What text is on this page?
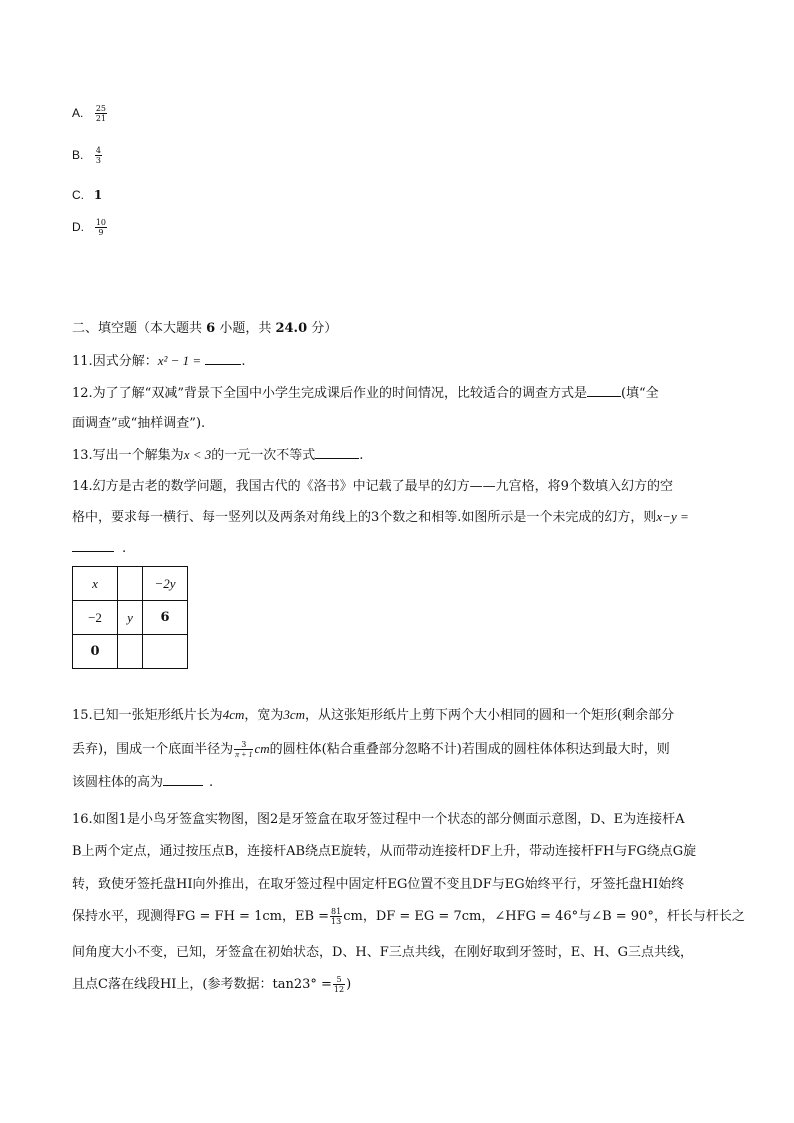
A. $\frac{25}{21}$
B. $\frac{4}{3}$
C. 1
D. $\frac{10}{9}$
二、填空题（本大题共 6 小题，共 24.0 分）
11.因式分解：x² − 1 =	.
12.为了了解“双减”背景下全国中小学生完成课后作业的时间情况，比较适合的调查方式是	(填“全
面调查”或“抽样调查”).
13.写出一个解集为x < 3的一元一次不等式	.
14.幻方是古老的数学问题，我国古代的《洛书》中记载了最早的幻方——九宫格，将9个数填入幻方的空
格中，要求每一横行、每一竖列以及两条对角线上的3个数之和相等.如图所示是一个未完成的幻方，则x−y =
.
x		−2y
−2	y	6
0		
15.已知一张矩形纸片长为4cm，宽为3cm，从这张矩形纸片上剪下两个大小相同的圆和一个矩形(剩余部分
丢弃)，围成一个底面半径为 $\frac{3}{\pi + 1}$ cm的圆柱体(粘合重叠部分忽略不计)若围成的圆柱体体积达到最大时，则
该圆柱体的高为	.
16.如图1是小鸟牙签盒实物图，图2是牙签盒在取牙签过程中一个状态的部分侧面示意图，D、E为连接杆A
B上两个定点，通过按压点B，连接杆AB绕点E旋转，从而带动连接杆DF上升，带动连接杆FH与FG绕点G旋
转，致使牙签托盘HI向外推出，在取牙签过程中固定杆EG位置不变且DF与EG始终平行，牙签托盘HI始终
保持水平，现测得FG = FH = 1cm，EB = $\frac{81}{13}$ cm，DF = EG = 7cm，∠HFG = 46°与∠B = 90°，杆长与杆长之
间角度大小不变，已知，牙签盒在初始状态，D、H、F三点共线，在刚好取到牙签时，E、H、G三点共线，
且点C落在线段HI上，(参考数据：$\tan 23^\circ = \frac{5}{12}$ )
